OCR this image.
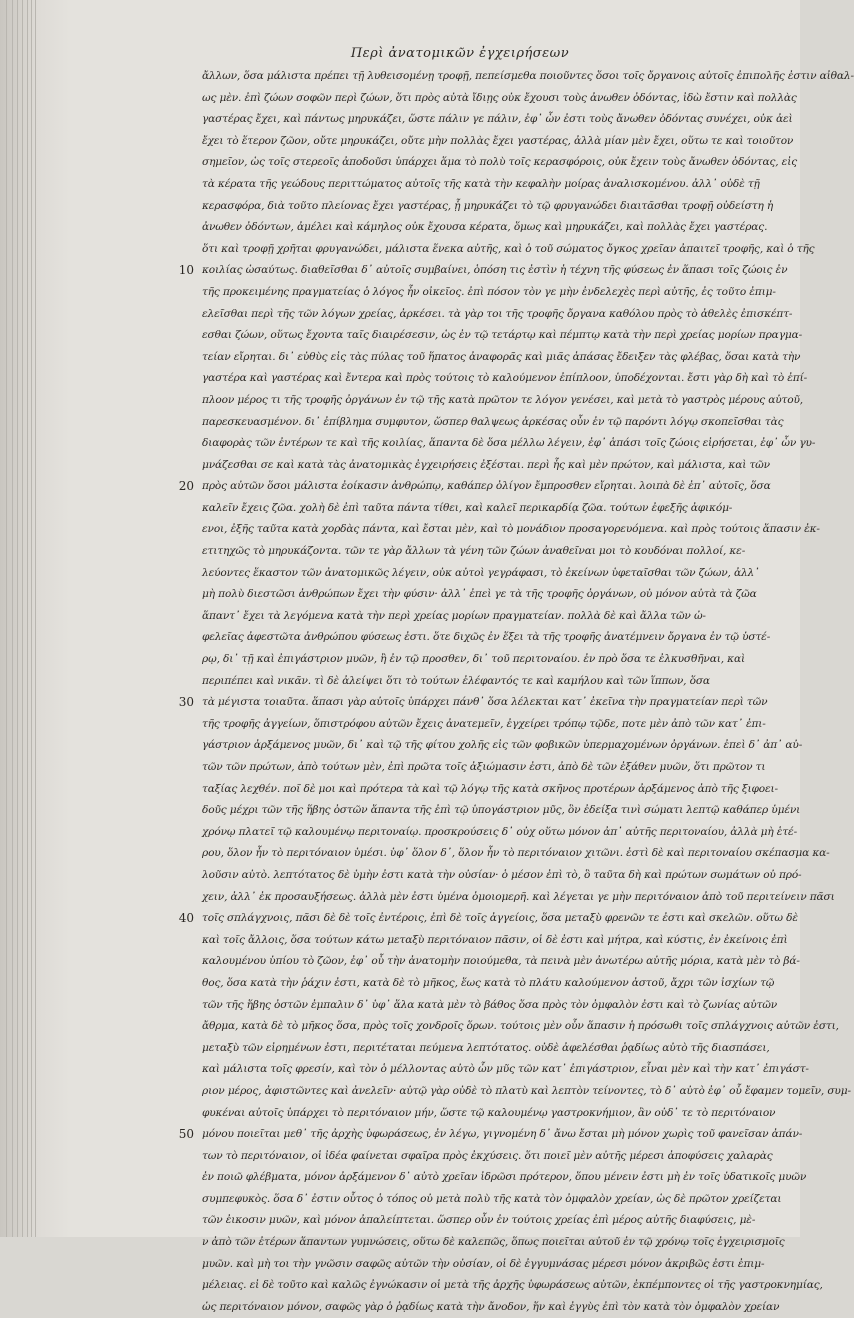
Περὶ ἀνατομικῶν ἐγχειρήσεων
10
20
30
40
50
ἄλλων, ὅσα μάλιστα πρέπει τῇ λυθεισομένῃ τροφῇ, πεπείσμεθα ποιοῦντες ὅσοι τοῖς ὄργανοις αὐτοῖς ἐπιπολῆς ἐστιν αἰθαλ-
ως μὲν. ἐπὶ ζώων σοφῶν περὶ ζώων, ὅτι πρὸς αὐτὰ ἴδιῃς οὐκ ἔχουσι τοὺς ἀνωθεν ὀδόντας, ἰδὼ ἔστιν καὶ πολλὰς
γαστέρας ἔχει, καὶ πάντως μηρυκάζει, ὥστε πάλιν γε πάλιν, ἐφ᾽ ὧν ἐστι τοὺς ἄνωθεν ὀδόντας συνέχει, οὐκ ἀεὶ
ἔχει τὸ ἕτερον ζῶον, οὔτε μηρυκάζει, οὔτε μὴν πολλὰς ἔχει γαστέρας, ἀλλὰ μίαν μὲν ἔχει, οὕτω τε καὶ τοιοῦτον
σημεῖον, ὡς τοῖς στερεοῖς ἀποδοῦσι ὑπάρχει ἅμα τὸ πολὺ τοῖς κερασφόροις, οὐκ ἔχειν τοὺς ἄνωθεν ὀδόντας, εἰς
τὰ κέρατα τῆς γεώδους περιττώματος αὐτοῖς τῆς κατὰ τὴν κεφαλὴν μοίρας ἀναλισκομένου. ἀλλ᾽ οὐδὲ τῇ
κερασφόρα, διὰ τοῦτο πλείονας ἔχει γαστέρας, ᾗ μηρυκάζει τὸ τῷ φρυγανώδει διαιτᾶσθαι τροφῇ οὐδείστη ἡ
ἀνωθεν ὀδόντων, ἀμέλει καὶ κάμηλος οὐκ ἔχουσα κέρατα, ὅμως καὶ μηρυκάζει, καὶ πολλὰς ἔχει γαστέρας.
ὅτι καὶ τροφῇ χρῆται φρυγανώδει, μάλιστα ἕνεκα αὐτῆς, καὶ ὁ τοῦ σώματος ὄγκος χρεῖαν ἀπαιτεῖ τροφῆς, καὶ ὁ τῆς
κοιλίας ὡσαύτως. διαθεῖσθαι δ᾽ αὐτοῖς συμβαίνει, ὁπόση τις ἐστὶν ἡ τέχνη τῆς φύσεως ἐν ἅπασι τοῖς ζώοις ἐν
τῆς προκειμένης πραγματείας ὁ λόγος ἦν οἰκεῖος. ἐπὶ πόσον τὸν γε μὴν ἐνδελεχὲς περὶ αὐτῆς, ἐς τοῦτο ἐπιμ-
ελεῖσθαι περὶ τῆς τῶν λόγων χρείας, ἀρκέσει. τὰ γὰρ τοι τῆς τροφῆς ὄργανα καθόλου πρὸς τὸ ἀθελὲς ἐπισκέπτ-
εσθαι ζώων, οὕτως ἔχοντα ταῖς διαιρέσεσιν, ὡς ἐν τῷ τετάρτῳ καὶ πέμπτῳ κατὰ τὴν περὶ χρείας μορίων πραγμα-
τείαν εἴρηται. δι᾽ εὐθὺς εἰς τὰς πύλας τοῦ ἥπατος ἀναφορᾶς καὶ μιᾶς ἁπάσας ἔδειξεν τὰς φλέβας, ὅσαι κατὰ τὴν
γαστέρα καὶ γαστέρας καὶ ἔντερα καὶ πρὸς τούτοις τὸ καλούμενον ἐπίπλοον, ὑποδέχονται. ἔστι γὰρ δὴ καὶ τὸ ἐπί-
πλοον μέρος τι τῆς τροφῆς ὀργάνων ἐν τῷ τῆς κατὰ πρῶτον τε λόγον γενέσει, καὶ μετὰ τὸ γαστρὸς μέρους αὐτοῦ,
παρεσκευασμένον. δι᾽ ἐπίβλημα συμφυτον, ὥσπερ θαλψεως ἀρκέσας οὖν ἐν τῷ παρόντι λόγῳ σκοπεῖσθαι τὰς
διαφορὰς τῶν ἐντέρων τε καὶ τῆς κοιλίας, ἅπαντα δὲ ὅσα μέλλω λέγειν, ἐφ᾽ ἁπάσι τοῖς ζώοις εἰρήσεται, ἐφ᾽ ὧν γυ-
μνάζεσθαι σε καὶ κατὰ τὰς ἀνατομικὰς ἐγχειρήσεις ἐξέσται. περὶ ἧς καὶ μὲν πρώτον, καὶ μάλιστα, καὶ τῶν
πρὸς αὐτῶν ὅσοι μάλιστα ἐοίκασιν ἀνθρώπῳ, καθάπερ ὀλίγον ἔμπροσθεν εἴρηται. λοιπὰ δὲ ἐπ᾽ αὐτοῖς, ὅσα
καλεῖν ἔχεις ζῶα. χολὴ δὲ ἐπὶ ταῦτα πάντα τίθει, καὶ καλεῖ περικαρδίᾳ ζῶα. τούτων ἐφεξῆς ἀφικόμ-
ενοι, ἐξῆς ταῦτα κατὰ χορδὰς πάντα, καὶ ἔσται μὲν, καὶ τὸ μονάδιον προσαγορευόμενα. καὶ πρὸς τούτοις ἅπασιν ἐκ-
ετιτηχῶς τὸ μηρυκάζοντα. τῶν τε γὰρ ἄλλων τὰ γένη τῶν ζώων ἀναθεῖναι μοι τὸ κουδόναι πολλοί, κε-
λεύοντες ἕκαστον τῶν ἀνατομικῶς λέγειν, οὐκ αὐτοὶ γεγράφασι, τὸ ἐκείνων ὑφεταῖσθαι τῶν ζώων, ἀλλ᾽
μὴ πολὺ διεστῶσι ἀνθρώπων ἔχει τὴν φύσιν· ἀλλ᾽ ἐπεὶ γε τὰ τῆς τροφῆς ὀργάνων, οὐ μόνον αὐτὰ τὰ ζῶα
ἅπαντ᾽ ἔχει τὰ λεγόμενα κατὰ τὴν περὶ χρείας μορίων πραγματείαν. πολλὰ δὲ καὶ ἄλλα τῶν ὠ-
φελεῖας ἀφεστῶτα ἀνθρώπου φύσεως ἐστι. ὅτε διχῶς ἐν ἕξει τὰ τῆς τροφῆς ἀνατέμνειν ὄργανα ἐν τῷ ὑστέ-
ρῳ, δι᾽ τῇ καὶ ἐπιγάστριον μυῶν, ἢ ἐν τῷ προσθεν, δι᾽ τοῦ περιτοναίου. ἐν πρὸ ὅσα τε ἐλκυσθῆναι, καὶ
περιπέπει καὶ νικᾶν. τὶ δὲ ἀλείψει ὅτι τὸ τούτων ἐλέφαντός τε καὶ καμήλου καὶ τῶν ἵππων, ὅσα
τὰ μέγιστα τοιαῦτα. ἅπασι γὰρ αὐτοῖς ὑπάρχει πάνθ᾽ ὅσα λέλεκται κατ᾽ ἐκεῖνα τὴν πραγματείαν περὶ τῶν
τῆς τροφῆς ἀγγείων, ὅπιστρόφου αὐτῶν ἔχεις ἀνατεμεῖν, ἐγχείρει τρόπῳ τῷδε, ποτε μὲν ἀπὸ τῶν κατ᾽ ἐπι-
γάστριον ἀρξάμενος μυῶν, δι᾽ καὶ τῷ τῆς φίτου χολῆς εἰς τῶν φοβικῶν ὑπερμαχομένων ὀργάνων. ἐπεὶ δ᾽ ἀπ᾽ αὐ-
τῶν τῶν πρώτων, ἀπὸ τούτων μὲν, ἐπὶ πρῶτα τοῖς ἀξιώμασιν ἐστι, ἀπὸ δὲ τῶν ἐξάθεν μυῶν, ὅτι πρῶτον τι
ταξίας λεχθέν. ποῖ δὲ μοι καὶ πρότερα τὰ καὶ τῷ λόγῳ τῆς κατὰ σκῆνος προτέρων ἀρξάμενος ἀπὸ τῆς ξιφοει-
δοῦς μέχρι τῶν τῆς ἥβης ὀστῶν ἅπαντα τῆς ἐπὶ τῷ ὑπογάστριον μῦς, ὃν ἐδείξα τινὶ σώματι λεπτῷ καθάπερ ὑμένι
χρόνῳ πλατεῖ τῷ καλουμένῳ περιτοναίῳ. προσκρούσεις δ᾽ οὐχ οὕτω μόνον ἀπ᾽ αὐτῆς περιτοναίου, ἀλλὰ μὴ ἑτέ-
ρου, ὅλον ἦν τὸ περιτόναιον ὑμέσι. ὑφ᾽ ὅλον δ᾽, ὅλον ἦν τὸ περιτόναιον χιτῶνι. ἐστὶ δὲ καὶ περιτοναίου σκέπασμα κα-
λοῦσιν αὐτὸ. λεπτότατος δὲ ὑμὴν ἐστι κατὰ τὴν οὐσίαν· ὁ μέσον ἐπὶ τὸ, ὃ ταῦτα δὴ καὶ πρώτων σωμάτων οὐ πρό-
χειν, ἀλλ᾽ ἐκ προσαυξήσεως. ἀλλὰ μὲν ἐστι ὑμένα ὁμοιομερῆ. καὶ λέγεται γε μὴν περιτόναιον ἀπὸ τοῦ περιτείνειν πᾶσι
τοῖς σπλάγχνοις, πᾶσι δὲ δὲ τοῖς ἐντέροις, ἐπὶ δὲ τοῖς ἀγγείοις, ὅσα μεταξὺ φρενῶν τε ἐστι καὶ σκελῶν. οὕτω δὲ
καὶ τοῖς ἄλλοις, ὅσα τούτων κάτω μεταξὺ περιτόναιον πᾶσιν, οἱ δὲ ἐστι καὶ μήτρα, καὶ κύστις, ἐν ἐκείνοις ἐπὶ
καλουμένου ὑπίου τὸ ζῶον, ἐφ᾽ οὗ τὴν ἀνατομὴν ποιούμεθα, τὰ πεινὰ μὲν ἀνωτέρω αὐτῆς μόρια, κατὰ μὲν τὸ βά-
θος, ὅσα κατὰ τὴν ῥάχιν ἐστι, κατὰ δὲ τὸ μῆκος, ἕως κατὰ τὸ πλάτυ καλούμενον ἀστοῦ, ἄχρι τῶν ἰσχίων τῷ
τῶν τῆς ἥβης ὀστῶν ἐμπαλιν δ᾽ ὑφ᾽ ἅλα κατὰ μὲν τὸ βάθος ὅσα πρὸς τὸν ὀμφαλὸν ἐστι καὶ τὸ ζωνίας αὐτῶν
ἄθρμα, κατὰ δὲ τὸ μῆκος ὅσα, πρὸς τοῖς χονδροῖς ὅρων. τούτοις μὲν οὖν ἅπασιν ἡ πρόσωθι τοῖς σπλάγχνοις αὐτῶν ἐστι,
μεταξὺ τῶν εἰρημένων ἐστι, περιτέταται πεύμενα λεπτότατος. οὐδὲ ἀφελέσθαι ῥᾳδίως αὐτὸ τῆς διασπάσει,
καὶ μάλιστα τοῖς φρεσίν, καὶ τὸν ὁ μέλλοντας αὐτὸ ὧν μῦς τῶν κατ᾽ ἐπιγάστριον, εἶναι μὲν καὶ τὴν κατ᾽ ἐπιγάστ-
ριον μέρος, ἀφιστῶντες καὶ ἀνελεῖν· αὐτῷ γὰρ οὐδὲ τὸ πλατὺ καὶ λεπτὸν τείνοντες, τὸ δ᾽ αὐτὸ ἐφ᾽ οὗ ἔφαμεν τομεῖν, συμ-
φυκέναι αὐτοῖς ὑπάρχει τὸ περιτόναιον μήν, ὥστε τῷ καλουμένῳ γαστροκνήμιον, ἂν οὐδ᾽ τε τὸ περιτόναιον
μόνου ποιεῖται μεθ᾽ τῆς ἀρχὴς ὑφωράσεως, ἐν λέγω, γιγνομένη δ᾽ ἄνω ἔσται μὴ μόνον χωρὶς τοῦ φανεῖσαν ἀπάν-
των τὸ περιτόναιον, οἱ ἰδέα φαίνεται σφαῖρα πρὸς ἐκχύσεις. ὅτι ποιεῖ μὲν αὐτῆς μέρεσι ἀποφύσεις χαλαρὰς
ἐν ποιῶ φλέβματα, μόνον ἀρξάμενον δ᾽ αὐτὸ χρεῖαν ἰδρῶσι πρότερον, ὅπου μένειν ἐστι μὴ ἐν τοῖς ὑδατικοῖς μυῶν
συμπεφυκὸς. ὅσα δ᾽ ἐστιν οὗτος ὁ τόπος οὐ μετὰ πολὺ τῆς κατὰ τὸν ὀμφαλὸν χρείαν, ὡς δὲ πρῶτον χρείζεται
τῶν ἐικοσιν μυῶν, καὶ μόνον ἀπαλείπτεται. ὥσπερ οὖν ἐν τούτοις χρείας ἐπὶ μέρος αὐτῆς διαφύσεις, μὲ-
ν ἀπὸ τῶν ἐτέρων ἅπαντων γυμνώσεις, οὕτω δὲ καλεπῶς, ὅπως ποιεῖται αὐτοῦ ἐν τῷ χρόνῳ τοῖς ἐγχειρισμοῖς
μυῶν. καὶ μὴ τοι τὴν γνῶσιν σαφῶς αὐτῶν τὴν οὐσίαν, οἱ δὲ ἐγγυμνάσας μέρεσι μόνον ἀκριβῶς ἐστι ἐπιμ-
μέλειας. εἰ δὲ τοῦτο καὶ καλῶς ἐγνώκασιν οἱ μετὰ τῆς ἀρχῆς ὑφωράσεως αὐτῶν, ἐκπέμποντες οἱ τῆς γαστροκνημίας,
ὡς περιτόναιον μόνον, σαφῶς γὰρ ὁ ῥᾳδίως κατὰ τὴν ἄνοδον, ἥν καὶ ἐγγὺς ἐπὶ τὸν κατὰ τὸν ὀμφαλὸν χρείαν
